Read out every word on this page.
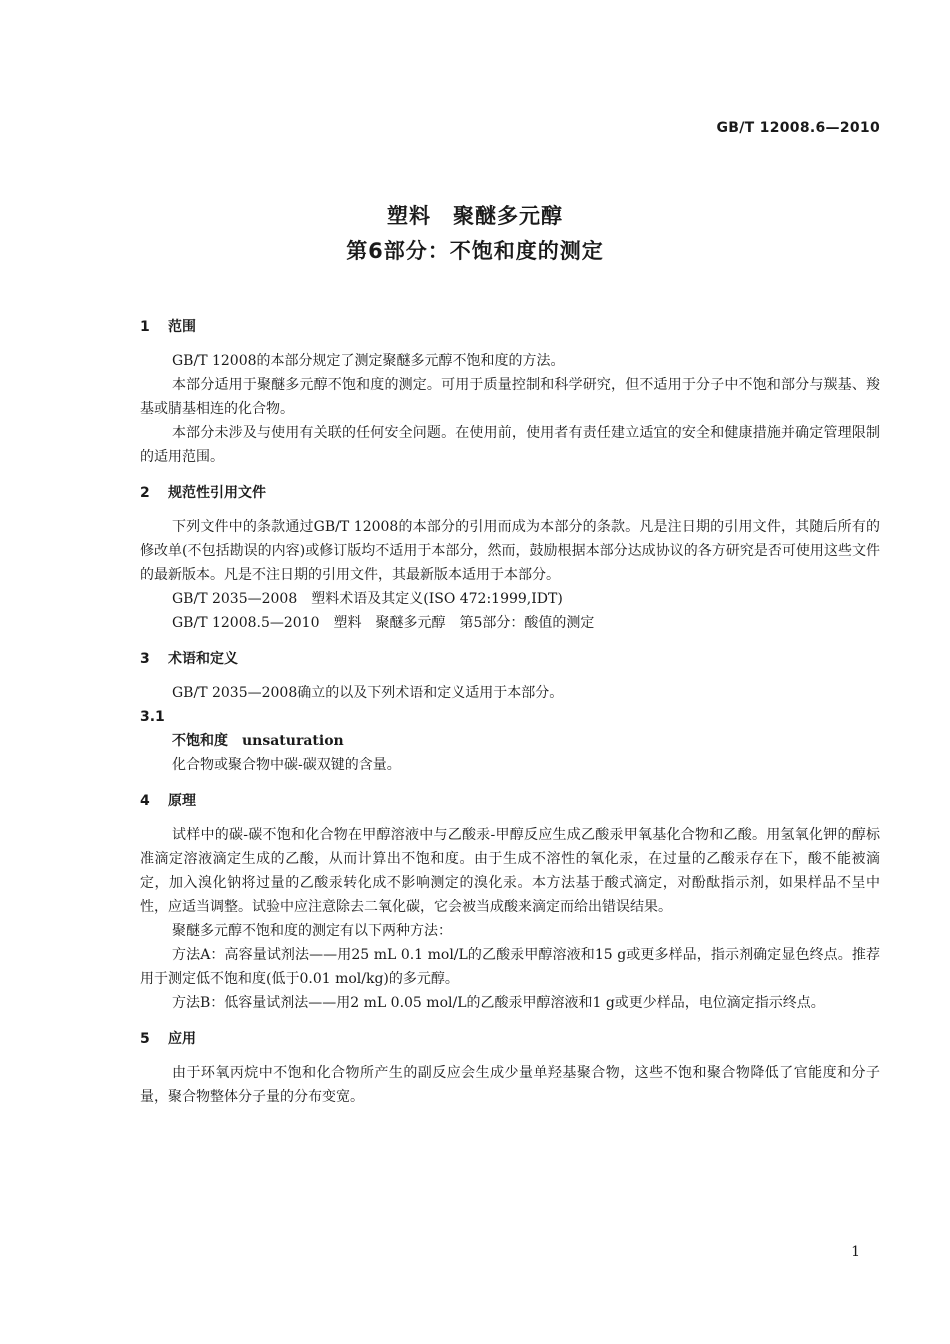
GB/T 12008.6—2010
塑料　聚醚多元醇
第6部分：不饱和度的测定
1 范围

GB/T 12008的本部分规定了测定聚醚多元醇不饱和度的方法。

本部分适用于聚醚多元醇不饱和度的测定。可用于质量控制和科学研究，但不适用于分子中不饱和部分与羰基、羧基或腈基相连的化合物。

本部分未涉及与使用有关联的任何安全问题。在使用前，使用者有责任建立适宜的安全和健康措施并确定管理限制的适用范围。

2 规范性引用文件

下列文件中的条款通过GB/T 12008的本部分的引用而成为本部分的条款。凡是注日期的引用文件，其随后所有的修改单(不包括勘误的内容)或修订版均不适用于本部分，然而，鼓励根据本部分达成协议的各方研究是否可使用这些文件的最新版本。凡是不注日期的引用文件，其最新版本适用于本部分。

GB/T 2035—2008　塑料术语及其定义(ISO 472:1999,IDT)

GB/T 12008.5—2010　塑料　聚醚多元醇　第5部分：酸值的测定

3 术语和定义

GB/T 2035—2008确立的以及下列术语和定义适用于本部分。

3.1

不饱和度　unsaturation

化合物或聚合物中碳-碳双键的含量。

4 原理

试样中的碳-碳不饱和化合物在甲醇溶液中与乙酸汞-甲醇反应生成乙酸汞甲氧基化合物和乙酸。用氢氧化钾的醇标准滴定溶液滴定生成的乙酸，从而计算出不饱和度。由于生成不溶性的氧化汞，在过量的乙酸汞存在下，酸不能被滴定，加入溴化钠将过量的乙酸汞转化成不影响测定的溴化汞。本方法基于酸式滴定，对酚酞指示剂，如果样品不呈中性，应适当调整。试验中应注意除去二氧化碳，它会被当成酸来滴定而给出错误结果。

聚醚多元醇不饱和度的测定有以下两种方法：

方法A：高容量试剂法——用25 mL 0.1 mol/L的乙酸汞甲醇溶液和15 g或更多样品，指示剂确定显色终点。推荐用于测定低不饱和度(低于0.01 mol/kg)的多元醇。

方法B：低容量试剂法——用2 mL 0.05 mol/L的乙酸汞甲醇溶液和1 g或更少样品，电位滴定指示终点。

5 应用

由于环氧丙烷中不饱和化合物所产生的副反应会生成少量单羟基聚合物，这些不饱和聚合物降低了官能度和分子量，聚合物整体分子量的分布变宽。

1
